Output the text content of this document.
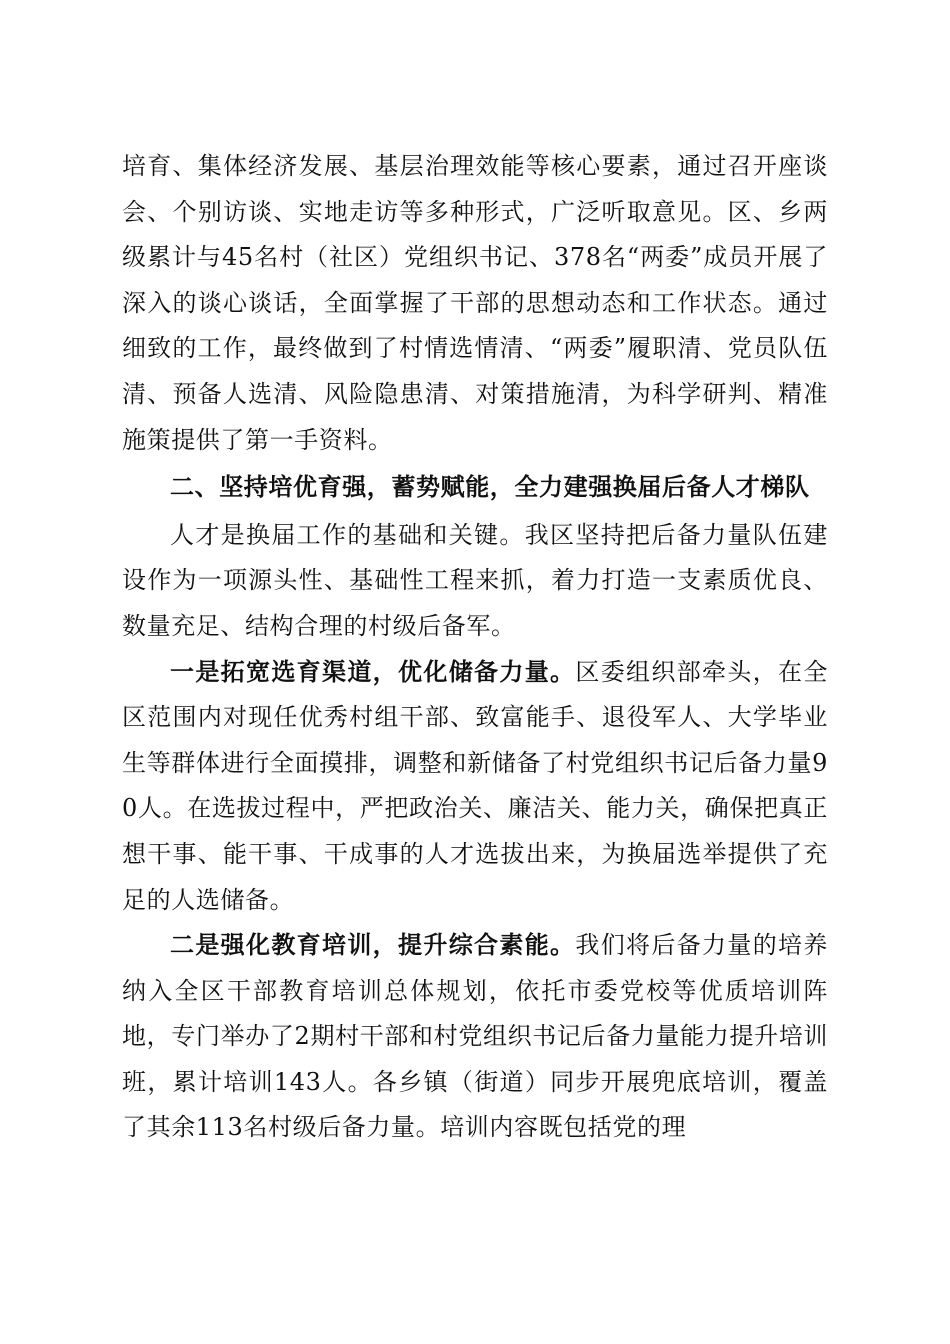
培育、集体经济发展、基层治理效能等核心要素，通过召开座谈会、个别访谈、实地走访等多种形式，广泛听取意见。区、乡两级累计与45名村（社区）党组织书记、378名“两委”成员开展了深入的谈心谈话，全面掌握了干部的思想动态和工作状态。通过细致的工作，最终做到了村情选情清、“两委”履职清、党员队伍清、预备人选清、风险隐患清、对策措施清，为科学研判、精准施策提供了第一手资料。

二、坚持培优育强，蓄势赋能，全力建强换届后备人才梯队

人才是换届工作的基础和关键。我区坚持把后备力量队伍建设作为一项源头性、基础性工程来抓，着力打造一支素质优良、数量充足、结构合理的村级后备军。

一是拓宽选育渠道，优化储备力量。区委组织部牵头，在全区范围内对现任优秀村组干部、致富能手、退役军人、大学毕业生等群体进行全面摸排，调整和新储备了村党组织书记后备力量90人。在选拔过程中，严把政治关、廉洁关、能力关，确保把真正想干事、能干事、干成事的人才选拔出来，为换届选举提供了充足的人选储备。

二是强化教育培训，提升综合素能。我们将后备力量的培养纳入全区干部教育培训总体规划，依托市委党校等优质培训阵地，专门举办了2期村干部和村党组织书记后备力量能力提升培训班，累计培训143人。各乡镇（街道）同步开展兜底培训，覆盖了其余113名村级后备力量。培训内容既包括党的理
